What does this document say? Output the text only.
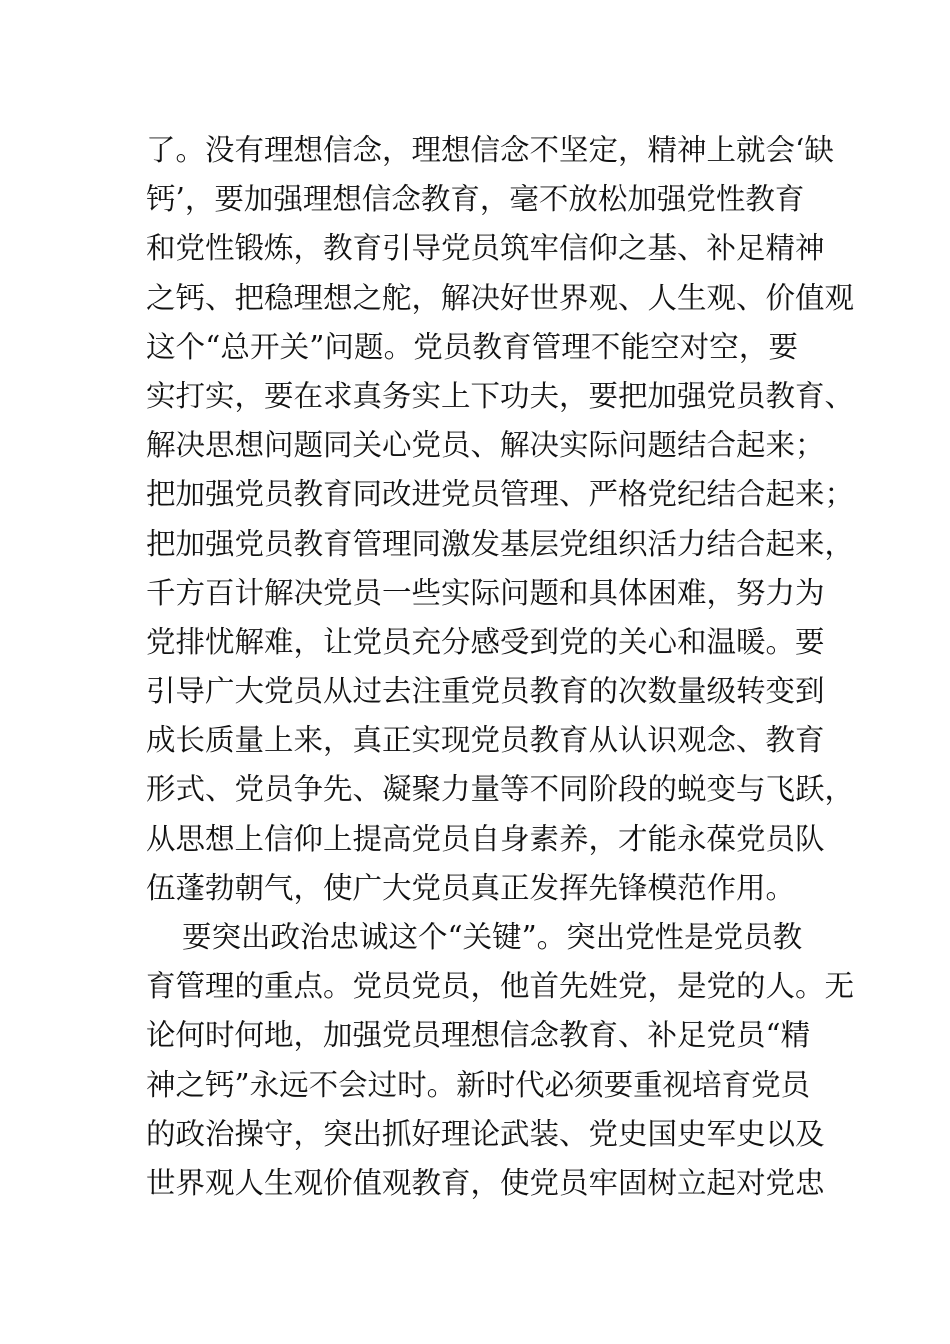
了。没有理想信念，理想信念不坚定，精神上就会‘缺
钙’，要加强理想信念教育，毫不放松加强党性教育
和党性锻炼，教育引导党员筑牢信仰之基、补足精神
之钙、把稳理想之舵，解决好世界观、人生观、价值观
这个“总开关”问题。党员教育管理不能空对空，要
实打实，要在求真务实上下功夫，要把加强党员教育、
解决思想问题同关心党员、解决实际问题结合起来；
把加强党员教育同改进党员管理、严格党纪结合起来；
把加强党员教育管理同激发基层党组织活力结合起来，
千方百计解决党员一些实际问题和具体困难，努力为
党排忧解难，让党员充分感受到党的关心和温暖。要
引导广大党员从过去注重党员教育的次数量级转变到
成长质量上来，真正实现党员教育从认识观念、教育
形式、党员争先、凝聚力量等不同阶段的蜕变与飞跃，
从思想上信仰上提高党员自身素养，才能永葆党员队
伍蓬勃朝气，使广大党员真正发挥先锋模范作用。
要突出政治忠诚这个“关键”。突出党性是党员教
育管理的重点。党员党员，他首先姓党，是党的人。无
论何时何地，加强党员理想信念教育、补足党员“精
神之钙”永远不会过时。新时代必须要重视培育党员
的政治操守，突出抓好理论武装、党史国史军史以及
世界观人生观价值观教育，使党员牢固树立起对党忠
